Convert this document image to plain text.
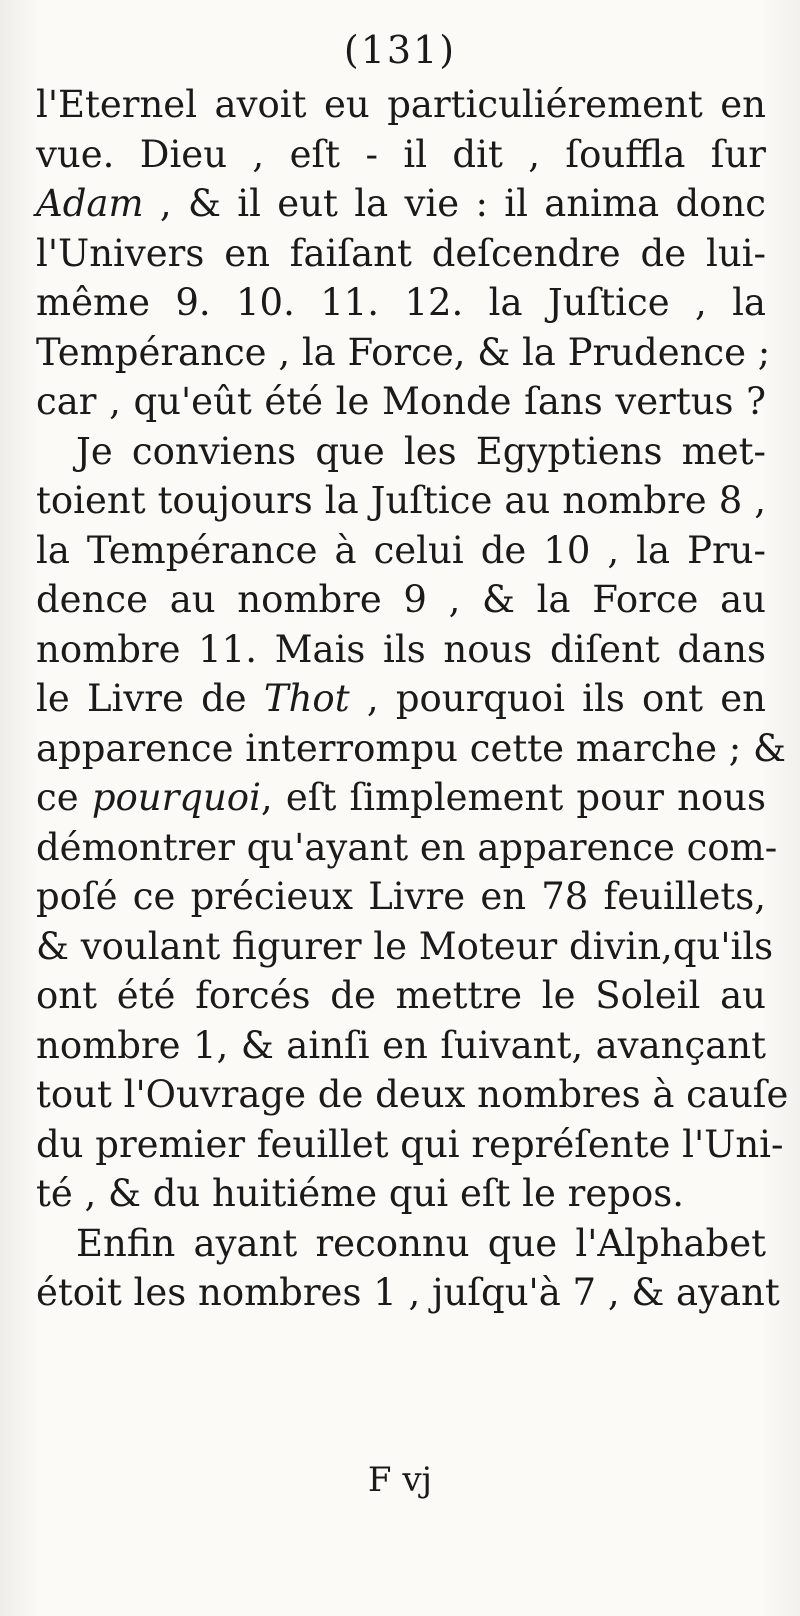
(131)
l'Eternel avoit eu particuliérement en
vue. Dieu , eſt - il dit , ſouffla ſur
Adam , & il eut la vie : il anima donc
l'Univers en faiſant deſcendre de lui-
même 9. 10. 11. 12. la Juſtice , la
Tempérance , la Force, & la Prudence ;
car , qu'eût été le Monde ſans vertus ?
Je conviens que les Egyptiens met-
toient toujours la Juſtice au nombre 8 ,
la Tempérance à celui de 10 , la Pru-
dence au nombre 9 , & la Force au
nombre 11. Mais ils nous diſent dans
le Livre de Thot , pourquoi ils ont en
apparence interrompu cette marche ; &
ce pourquoi, eſt ſimplement pour nous
démontrer qu'ayant en apparence com-
poſé ce précieux Livre en 78 feuillets,
& voulant figurer le Moteur divin,qu'ils
ont été forcés de mettre le Soleil au
nombre 1, & ainſi en ſuivant, avançant
tout l'Ouvrage de deux nombres à cauſe
du premier feuillet qui repréſente l'Uni-
té , & du huitiéme qui eſt le repos.
Enfin ayant reconnu que l'Alphabet
étoit les nombres 1 , juſqu'à 7 , & ayant
F vj
